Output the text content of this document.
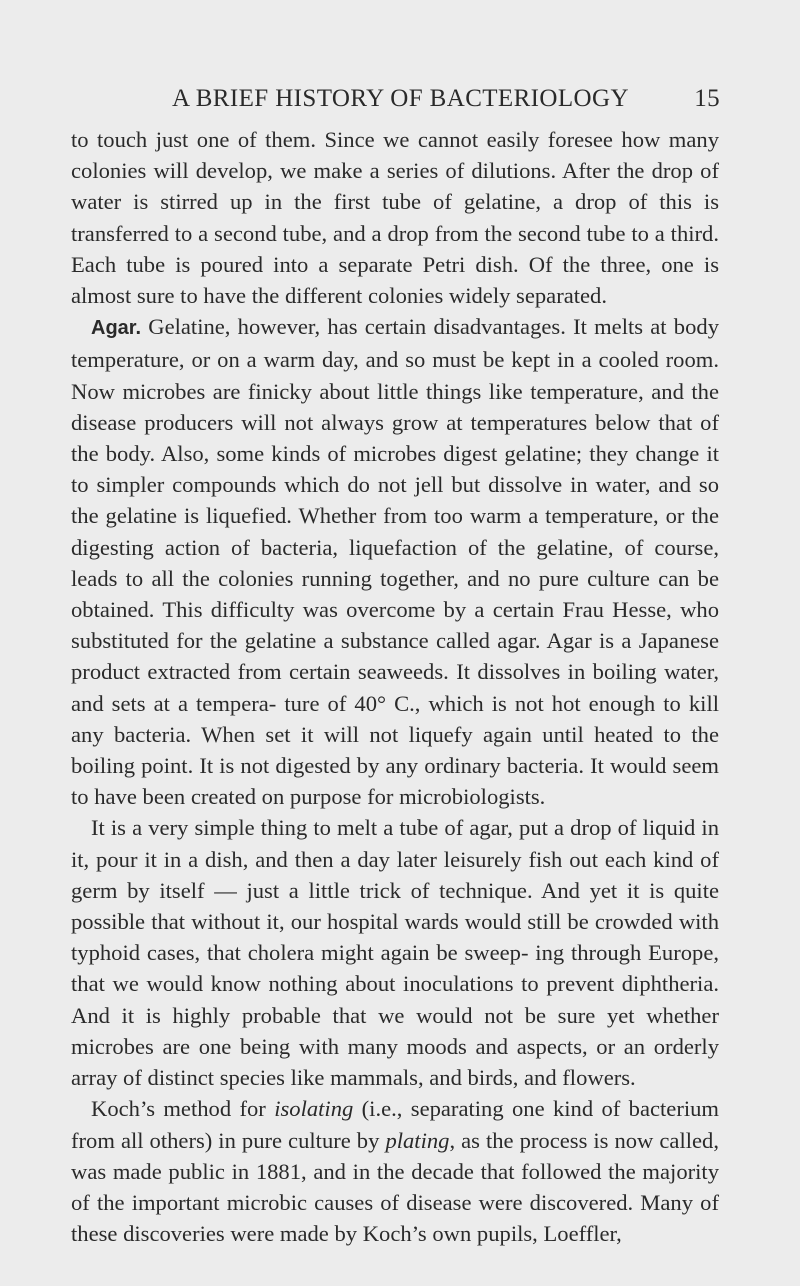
A BRIEF HISTORY OF BACTERIOLOGY	15

to touch just one of them. Since we cannot easily foresee how many colonies will develop, we make a series of dilutions. After the drop of water is stirred up in the first tube of gelatine, a drop of this is transferred to a second tube, and a drop from the second tube to a third. Each tube is poured into a separate Petri dish. Of the three, one is almost sure to have the different colonies widely separated.

Agar. Gelatine, however, has certain disadvantages. It melts at body temperature, or on a warm day, and so must be kept in a cooled room. Now microbes are finicky about little things like temperature, and the disease producers will not always grow at temperatures below that of the body. Also, some kinds of microbes digest gelatine; they change it to simpler compounds which do not jell but dissolve in water, and so the gelatine is liquefied. Whether from too warm a temperature, or the digesting action of bacteria, liquefaction of the gelatine, of course, leads to all the colonies running together, and no pure culture can be obtained. This difficulty was overcome by a certain Frau Hesse, who substituted for the gelatine a substance called agar. Agar is a Japanese product extracted from certain seaweeds. It dissolves in boiling water, and sets at a tempera- ture of 40° C., which is not hot enough to kill any bacteria. When set it will not liquefy again until heated to the boiling point. It is not digested by any ordinary bacteria. It would seem to have been created on purpose for microbiologists.

It is a very simple thing to melt a tube of agar, put a drop of liquid in it, pour it in a dish, and then a day later leisurely fish out each kind of germ by itself — just a little trick of technique. And yet it is quite possible that without it, our hospital wards would still be crowded with typhoid cases, that cholera might again be sweep- ing through Europe, that we would know nothing about inoculations to prevent diphtheria. And it is highly probable that we would not be sure yet whether microbes are one being with many moods and aspects, or an orderly array of distinct species like mammals, and birds, and flowers.

Koch’s method for isolating (i.e., separating one kind of bacterium from all others) in pure culture by plating, as the process is now called, was made public in 1881, and in the decade that followed the majority of the important microbic causes of disease were discovered. Many of these discoveries were made by Koch’s own pupils, Loeffler,
